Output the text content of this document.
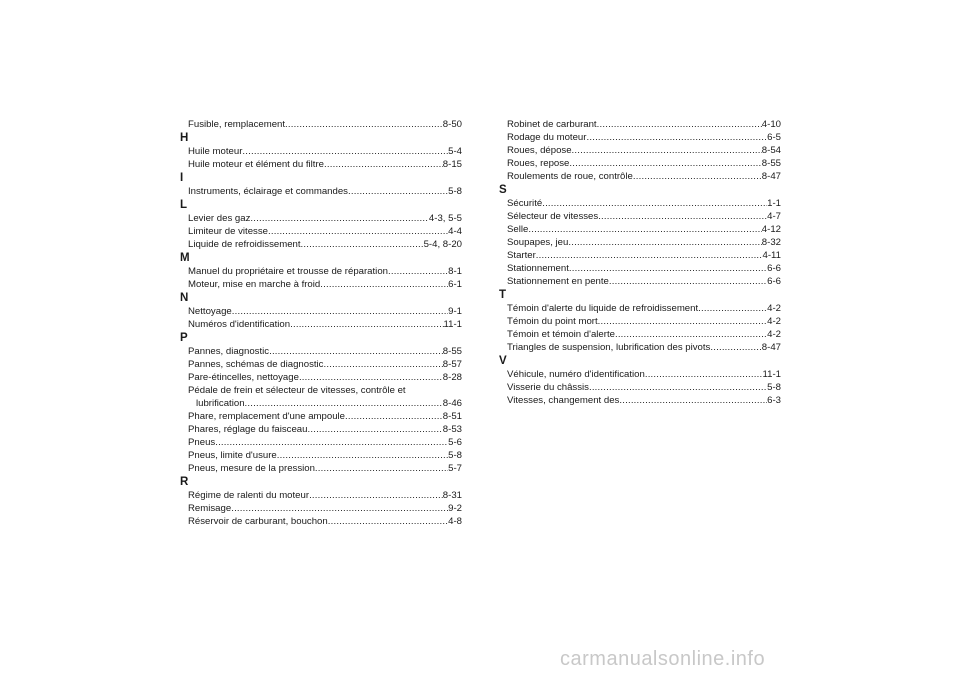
Fusible, remplacement .....	8-50
H
Huile moteur .....	5-4
Huile moteur et élément du filtre .....	8-15
I
Instruments, éclairage et commandes .....	5-8
L
Levier des gaz .....	4-3, 5-5
Limiteur de vitesse .....	4-4
Liquide de refroidissement .....	5-4, 8-20
M
Manuel du propriétaire et trousse de réparation .....	8-1
Moteur, mise en marche à froid .....	6-1
N
Nettoyage .....	9-1
Numéros d'identification .....	11-1
P
Pannes, diagnostic .....	8-55
Pannes, schémas de diagnostic .....	8-57
Pare-étincelles, nettoyage .....	8-28
Pédale de frein et sélecteur de vitesses, contrôle et
lubrification .....	8-46
Phare, remplacement d'une ampoule .....	8-51
Phares, réglage du faisceau .....	8-53
Pneus .....	5-6
Pneus, limite d'usure .....	5-8
Pneus, mesure de la pression .....	5-7
R
Régime de ralenti du moteur .....	8-31
Remisage .....	9-2
Réservoir de carburant, bouchon .....	4-8
Robinet de carburant .....	4-10
Rodage du moteur .....	6-5
Roues, dépose .....	8-54
Roues, repose .....	8-55
Roulements de roue, contrôle .....	8-47
S
Sécurité .....	1-1
Sélecteur de vitesses .....	4-7
Selle .....	4-12
Soupapes, jeu .....	8-32
Starter .....	4-11
Stationnement .....	6-6
Stationnement en pente .....	6-6
T
Témoin d'alerte du liquide de refroidissement .....	4-2
Témoin du point mort .....	4-2
Témoin et témoin d'alerte .....	4-2
Triangles de suspension, lubrification des pivots .....	8-47
V
Véhicule, numéro d'identification .....	11-1
Visserie du châssis .....	5-8
Vitesses, changement des .....	6-3
carmanualsonline.info
